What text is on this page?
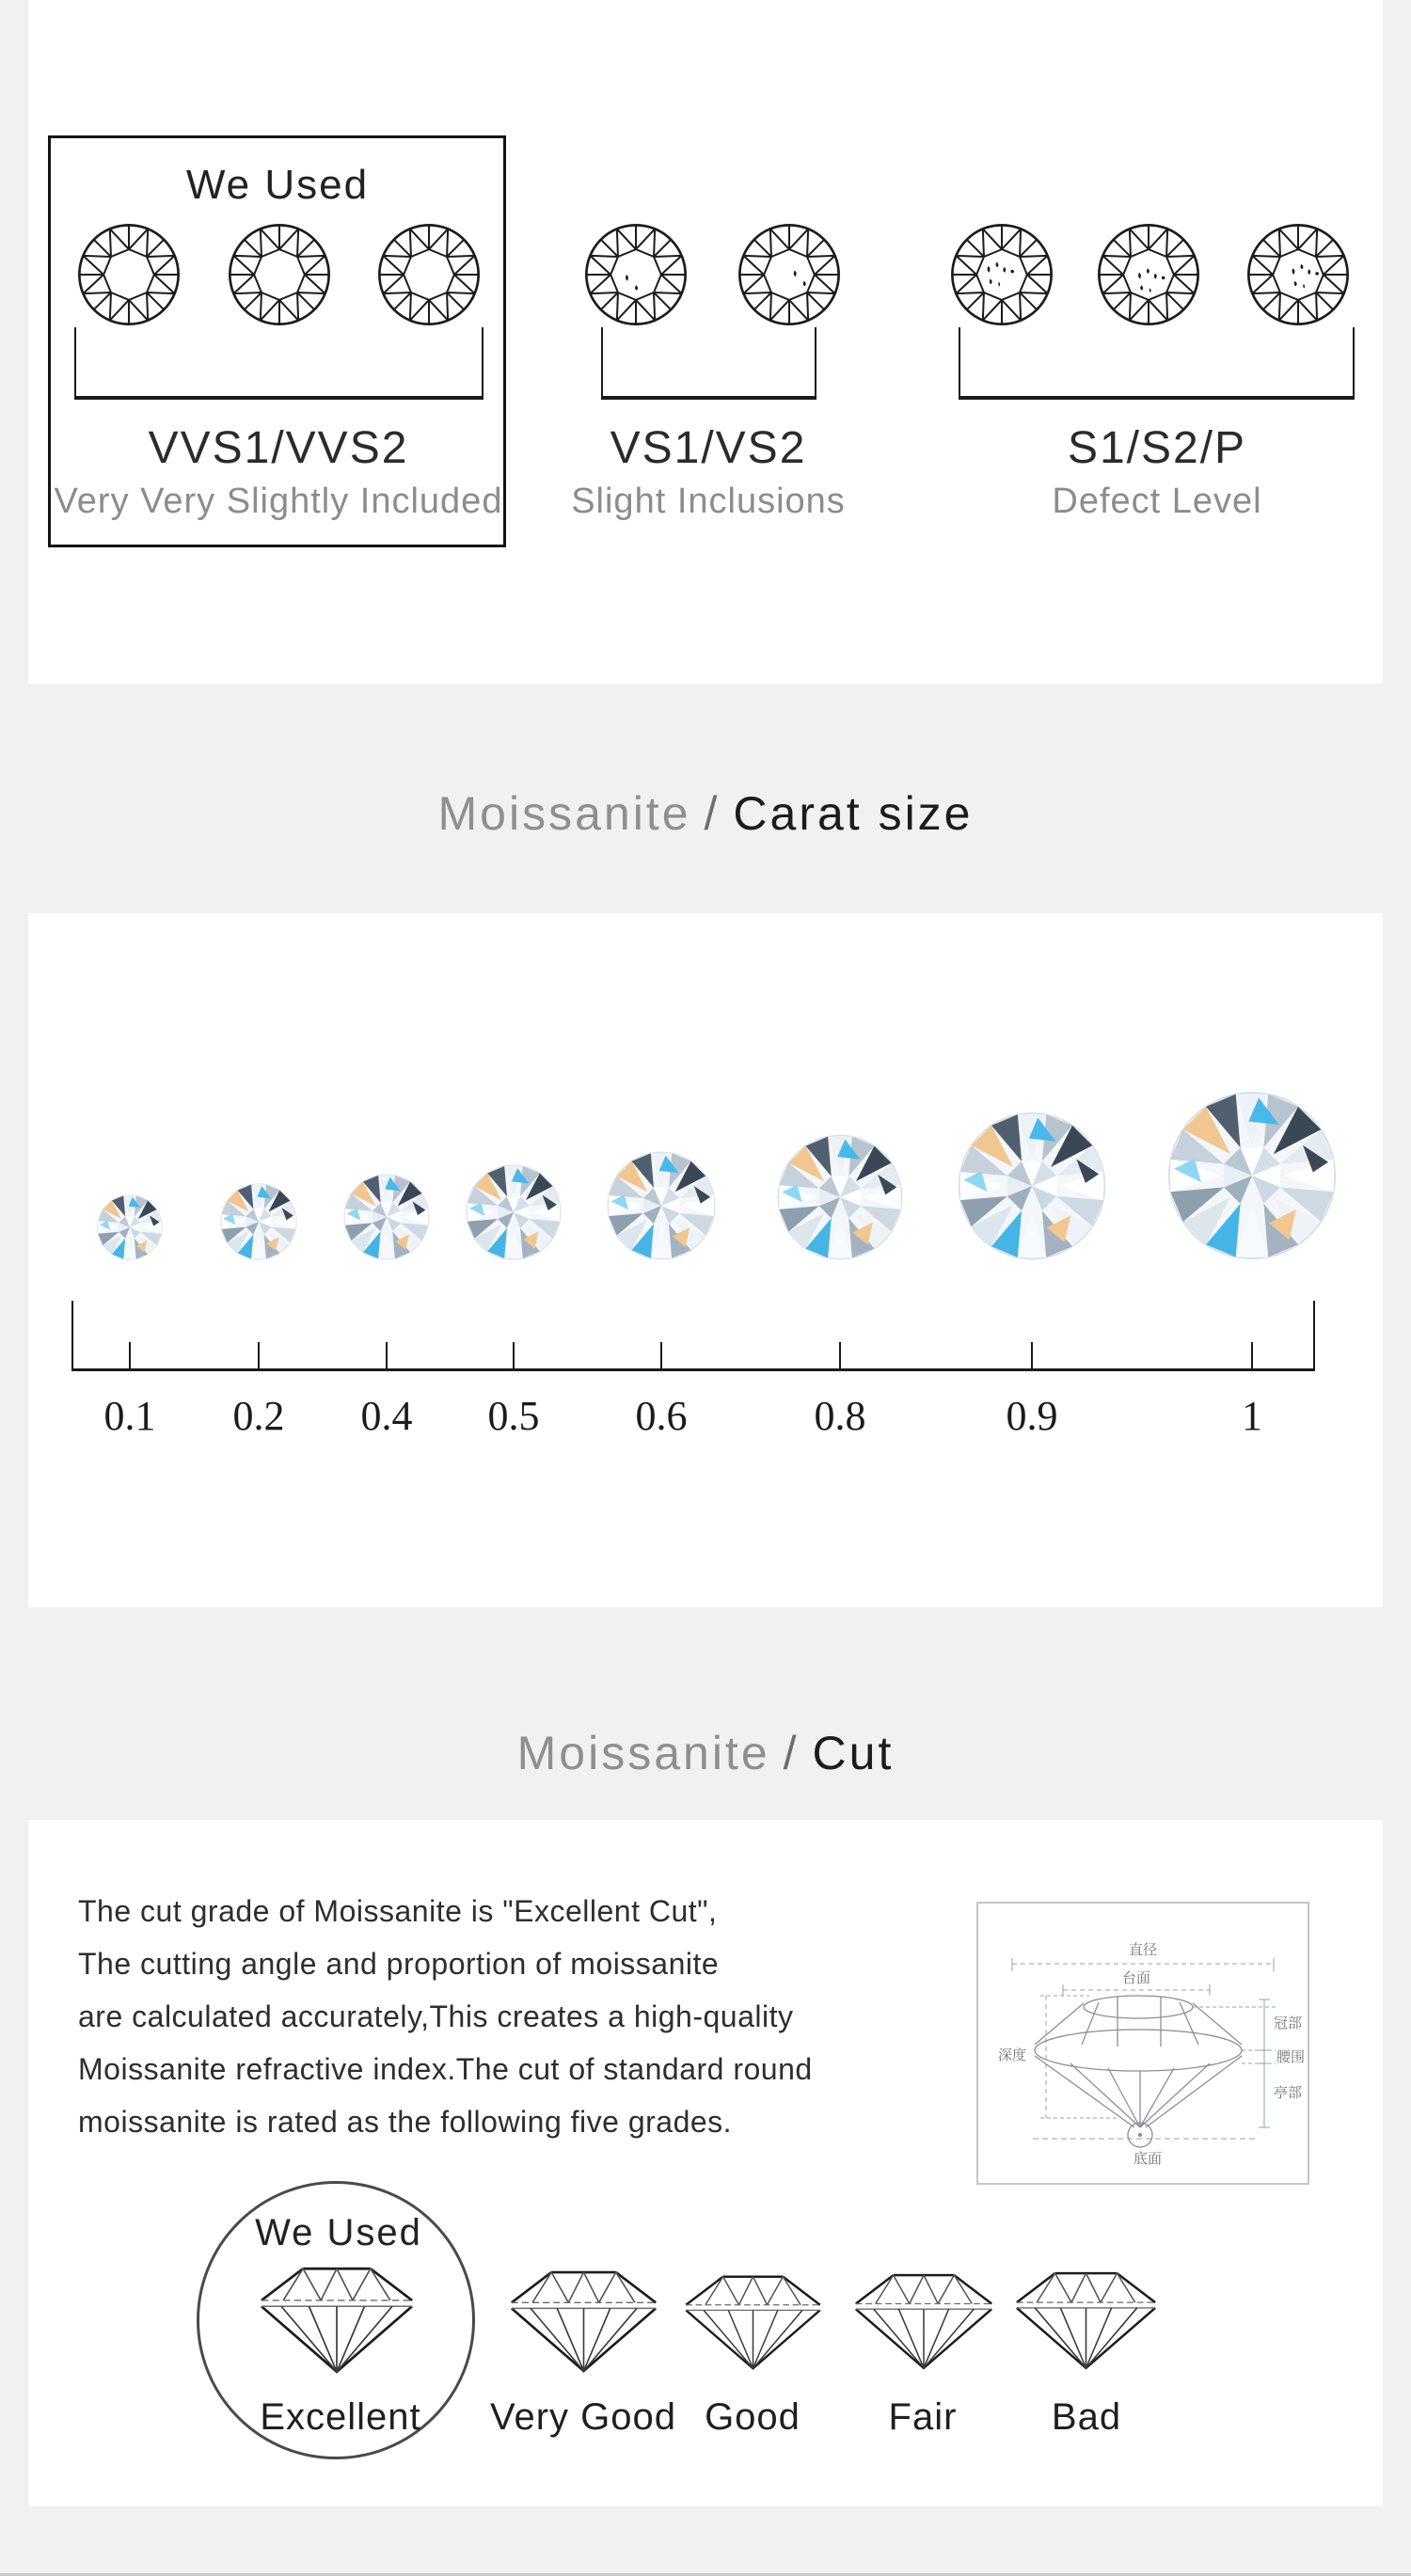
We Used
VVS1/VVS2
Very Very Slightly Included
VS1/VS2
Slight Inclusions
S1/S2/P
Defect Level
Moissanite / Carat size
0.1 0.2 0.4 0.5 0.6	0.8	0.9	1
Moissanite / Cut
The cut grade of Moissanite is "Excellent Cut",
The cutting angle and proportion of moissanite
are calculated accurately,This creates a high-quality
Moissanite refractive index.The cut of standard round
moissanite is rated as the following five grades.
直径
台面
深度
冠部
腰围
亭部
底面
We Used
Excellent Very Good Good Fair	Bad
